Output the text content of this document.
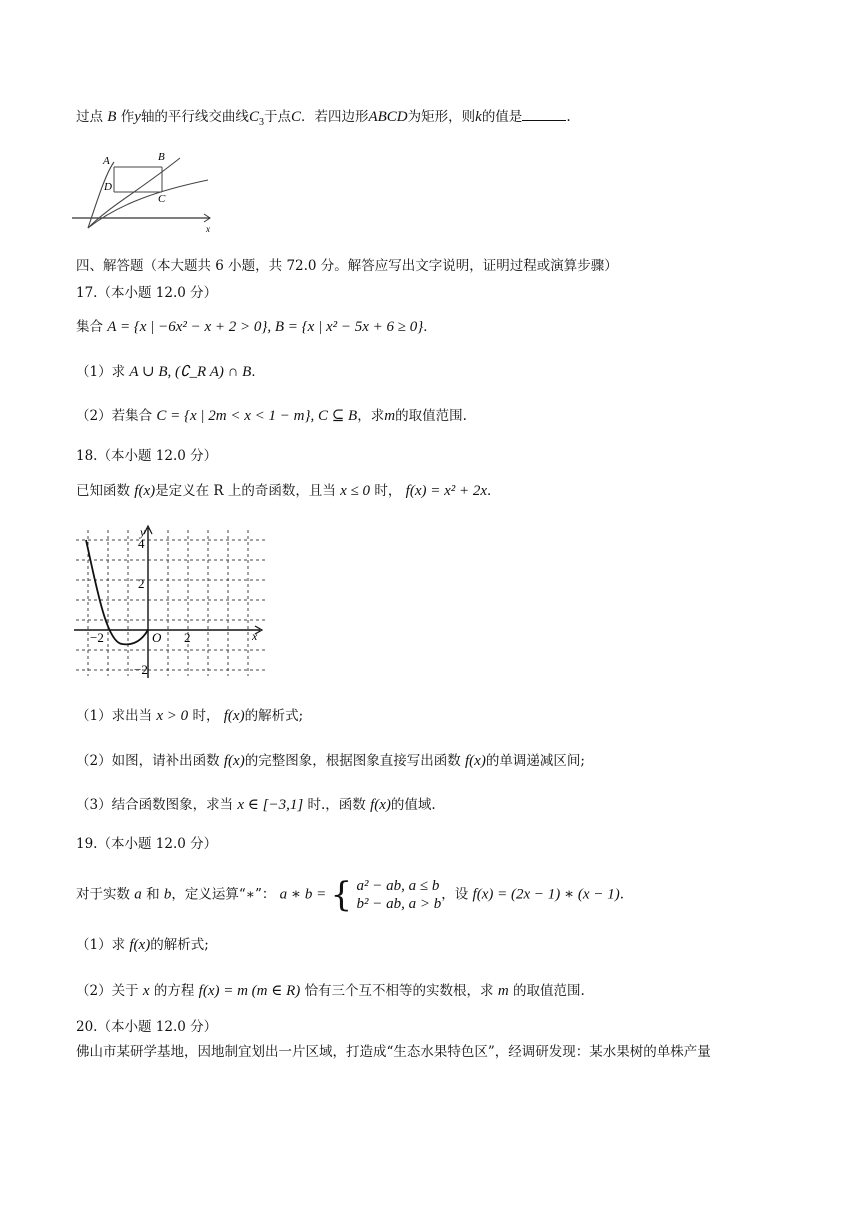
过点 B 作y轴的平行线交曲线$C_3$于点C．若四边形ABCD为矩形，则k的值是	.
A	B
D
C
x
四、解答题（本大题共 6 小题，共 72.0 分。解答应写出文字说明，证明过程或演算步骤）
17.（本小题 12.0 分）
集合 A = {x | −6x² − x + 2 > 0}, B = {x | x² − 5x + 6 ≥ 0}．
（1）求 A ∪ B, (∁_R A) ∩ B．
（2）若集合 C = {x | 2m < x < 1 − m}, C ⊆ B，求m的取值范围.
18.（本小题 12.0 分）
已知函数 f(x)是定义在 R 上的奇函数，且当 x ≤ 0 时， f(x) = x² + 2x．
y
x
O
4
2
−2	2
−2
（1）求出当 x > 0 时， f(x)的解析式;
（2）如图，请补出函数 f(x)的完整图象，根据图象直接写出函数 f(x)的单调递减区间;
（3）结合函数图象，求当 x ∈ [−3,1] 时.，函数 f(x)的值域.
19.（本小题 12.0 分）
对于实数 a 和 b，定义运算“∗”： a ∗ b = { a² − ab, a ≤ b
b² − ab, a > b
，设 f(x) = (2x − 1) ∗ (x − 1).
（1）求 f(x)的解析式;
（2）关于 x 的方程 f(x) = m (m ∈ R) 恰有三个互不相等的实数根，求 m 的取值范围.
20.（本小题 12.0 分）
佛山市某研学基地，因地制宜划出一片区域，打造成“生态水果特色区”，经调研发现：某水果树的单株产量
